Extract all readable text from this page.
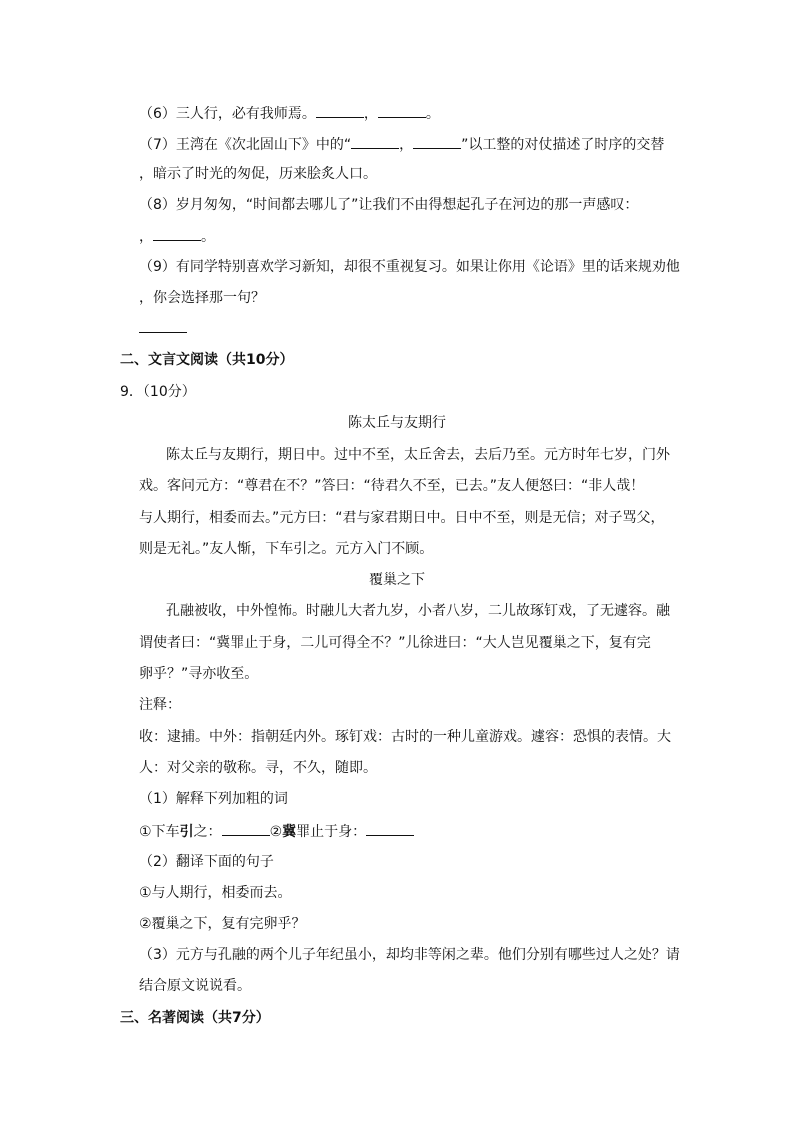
（6）三人行，必有我师焉。	，	。
（7）王湾在《次北固山下》中的“	，	”以工整的对仗描述了时序的交替
，暗示了时光的匆促，历来脍炙人口。
（8）岁月匆匆，“时间都去哪儿了”让我们不由得想起孔子在河边的那一声感叹：
，	。
（9）有同学特别喜欢学习新知，却很不重视复习。如果让你用《论语》里的话来规劝他
，你会选择那一句？
二、文言文阅读（共10分）
9．（10分）
陈太丘与友期行
陈太丘与友期行，期日中。过中不至，太丘舍去，去后乃至。元方时年七岁，门外
戏。客问元方：“尊君在不？”答曰：“待君久不至，已去。”友人便怒曰：“非人哉！
与人期行，相委而去。”元方曰：“君与家君期日中。日中不至，则是无信；对子骂父，
则是无礼。”友人惭，下车引之。元方入门不顾。
覆巢之下
孔融被收，中外惶怖。时融儿大者九岁，小者八岁，二儿故琢钉戏，了无遽容。融
谓使者曰：“冀罪止于身，二儿可得全不？”儿徐进曰：“大人岂见覆巢之下，复有完
卵乎？”寻亦收至。
注释：
收：逮捕。中外：指朝廷内外。琢钉戏：古时的一种儿童游戏。遽容：恐惧的表情。大
人：对父亲的敬称。寻，不久，随即。
（1）解释下列加粗的词
①下车引之：	②冀罪止于身：
（2）翻译下面的句子
①与人期行，相委而去。
②覆巢之下，复有完卵乎？
（3）元方与孔融的两个儿子年纪虽小，却均非等闲之辈。他们分别有哪些过人之处？请
结合原文说说看。
三、名著阅读（共7分）
